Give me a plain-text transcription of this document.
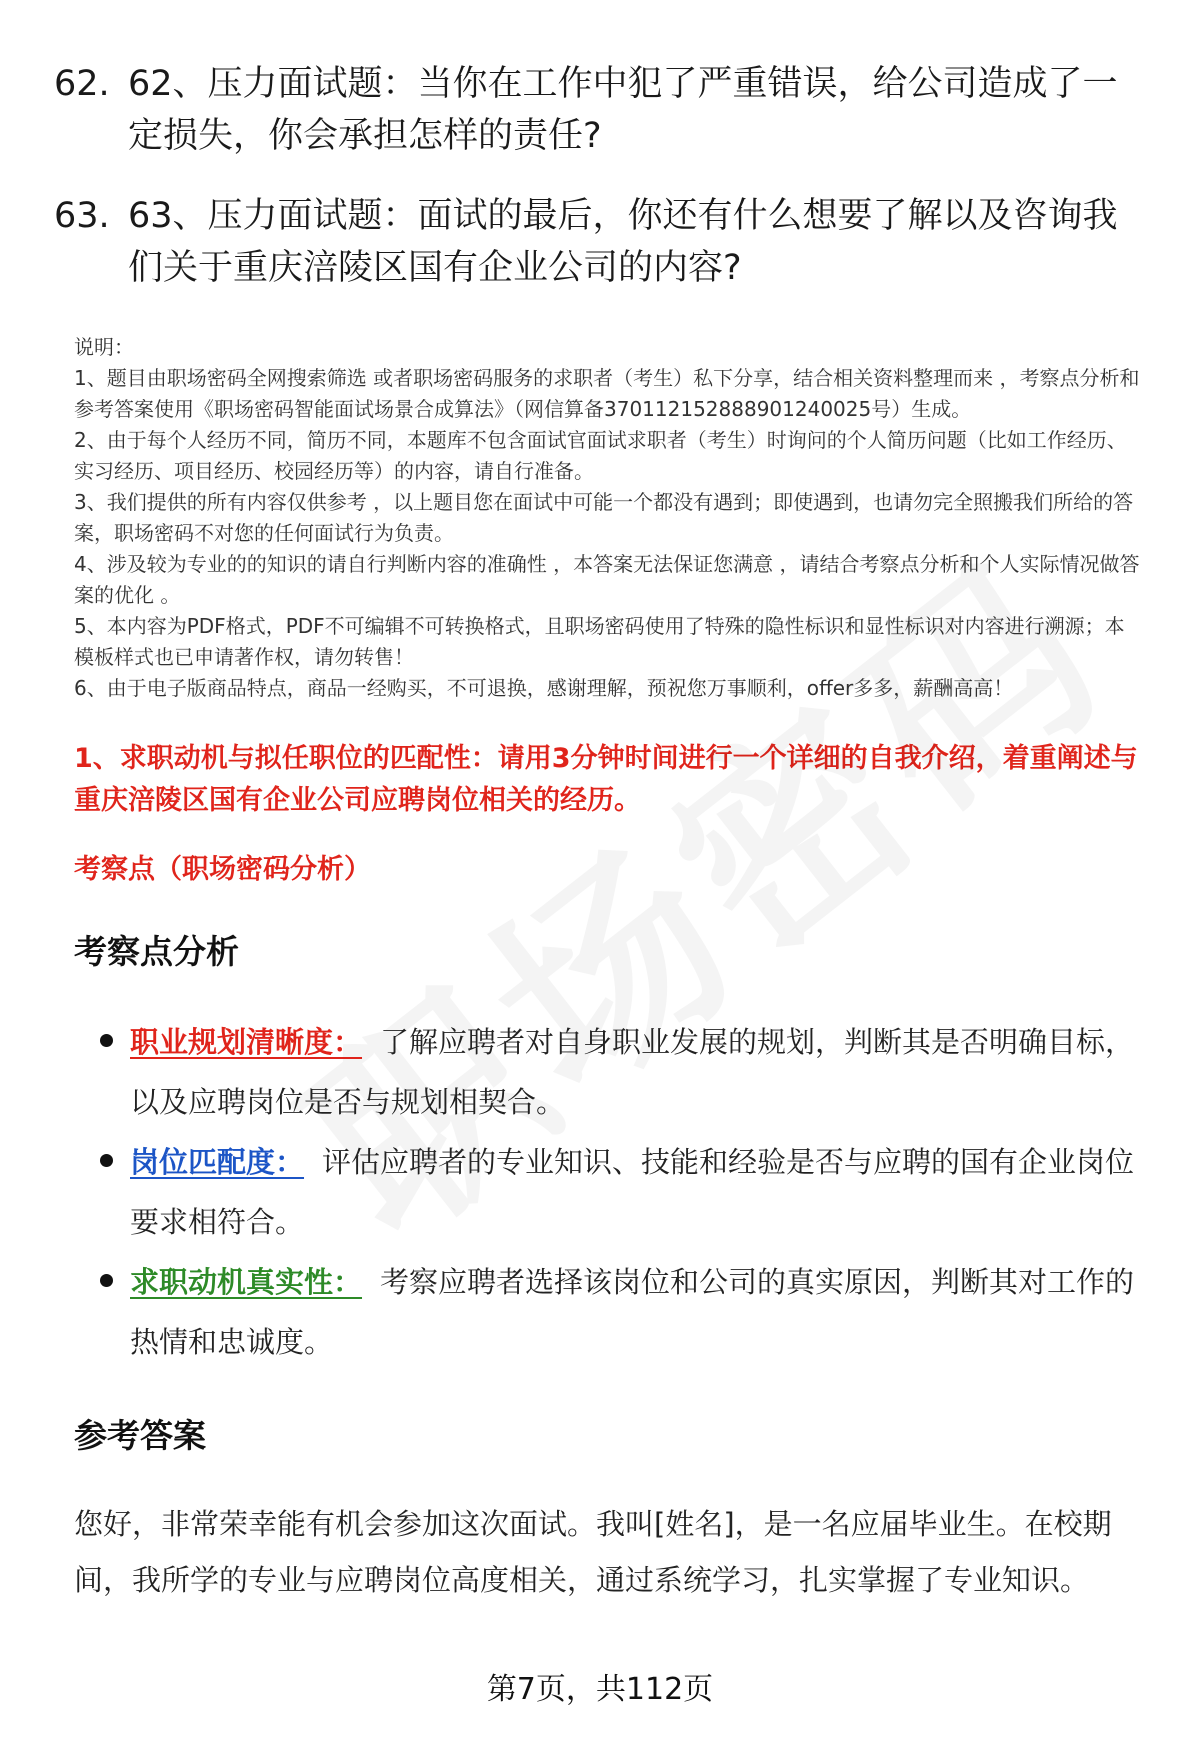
62. 62、压力面试题：当你在工作中犯了严重错误，给公司造成了一定损失，你会承担怎样的责任?
63. 63、压力面试题：面试的最后，你还有什么想要了解以及咨询我们关于重庆涪陵区国有企业公司的内容?

说明：

1、题目由职场密码全网搜索筛选 或者职场密码服务的求职者（考生）私下分享，结合相关资料整理而来 ，考察点分析和参考答案使用《职场密码智能面试场景合成算法》（网信算备370112152888901240025号）生成。

2、由于每个人经历不同，简历不同，本题库不包含面试官面试求职者（考生）时询问的个人简历问题（比如工作经历、实习经历、项目经历、校园经历等）的内容，请自行准备。

3、我们提供的所有内容仅供参考 ，以上题目您在面试中可能一个都没有遇到；即使遇到，也请勿完全照搬我们所给的答案，职场密码不对您的任何面试行为负责。

4、涉及较为专业的的知识的请自行判断内容的准确性 ，本答案无法保证您满意 ，请结合考察点分析和个人实际情况做答案的优化 。

5、本内容为PDF格式，PDF不可编辑不可转换格式，且职场密码使用了特殊的隐性标识和显性标识对内容进行溯源；本模板样式也已申请著作权，请勿转售！

6、由于电子版商品特点，商品一经购买，不可退换，感谢理解，预祝您万事顺利，offer多多，薪酬高高！

1、求职动机与拟任职位的匹配性：请用3分钟时间进行一个详细的自我介绍，着重阐述与重庆涪陵区国有企业公司应聘岗位相关的经历。
考察点（职场密码分析）
考察点分析
职业规划清晰度： 了解应聘者对自身职业发展的规划，判断其是否明确目标，以及应聘岗位是否与规划相契合。
岗位匹配度： 评估应聘者的专业知识、技能和经验是否与应聘的国有企业岗位要求相符合。
求职动机真实性： 考察应聘者选择该岗位和公司的真实原因，判断其对工作的热情和忠诚度。
参考答案
您好，非常荣幸能有机会参加这次面试。我叫[姓名]，是一名应届毕业生。在校期间，我所学的专业与应聘岗位高度相关，通过系统学习，扎实掌握了专业知识。
第7页，共112页
